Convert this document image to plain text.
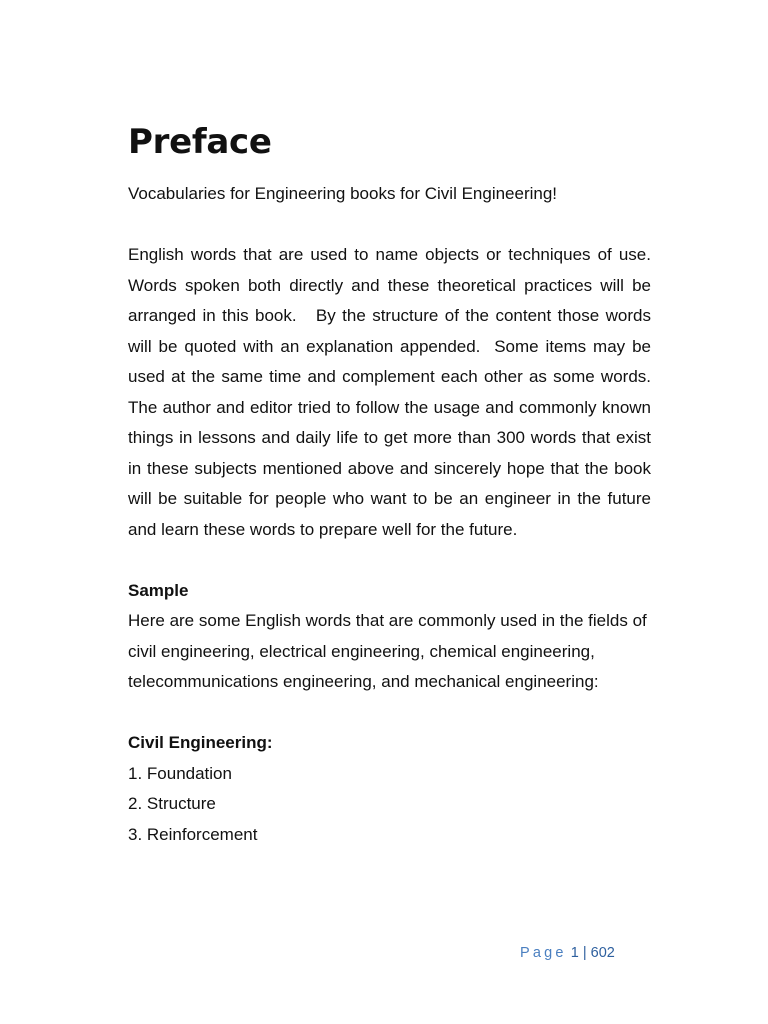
Preface

Vocabularies for Engineering books for Civil Engineering!

English words that are used to name objects or techniques of use. Words spoken both directly and these theoretical practices will be arranged in this book.   By the structure of the content those words will be quoted with an explanation appended.  Some items may be used at the same time and complement each other as some words. The author and editor tried to follow the usage and commonly known things in lessons and daily life to get more than 300 words that exist in these subjects mentioned above and sincerely hope that the book will be suitable for people who want to be an engineer in the future and learn these words to prepare well for the future.

Sample

Here are some English words that are commonly used in the fields of civil engineering, electrical engineering, chemical engineering, telecommunications engineering, and mechanical engineering:

Civil Engineering:

1. Foundation
2. Structure
3. Reinforcement
Page 1 | 602
